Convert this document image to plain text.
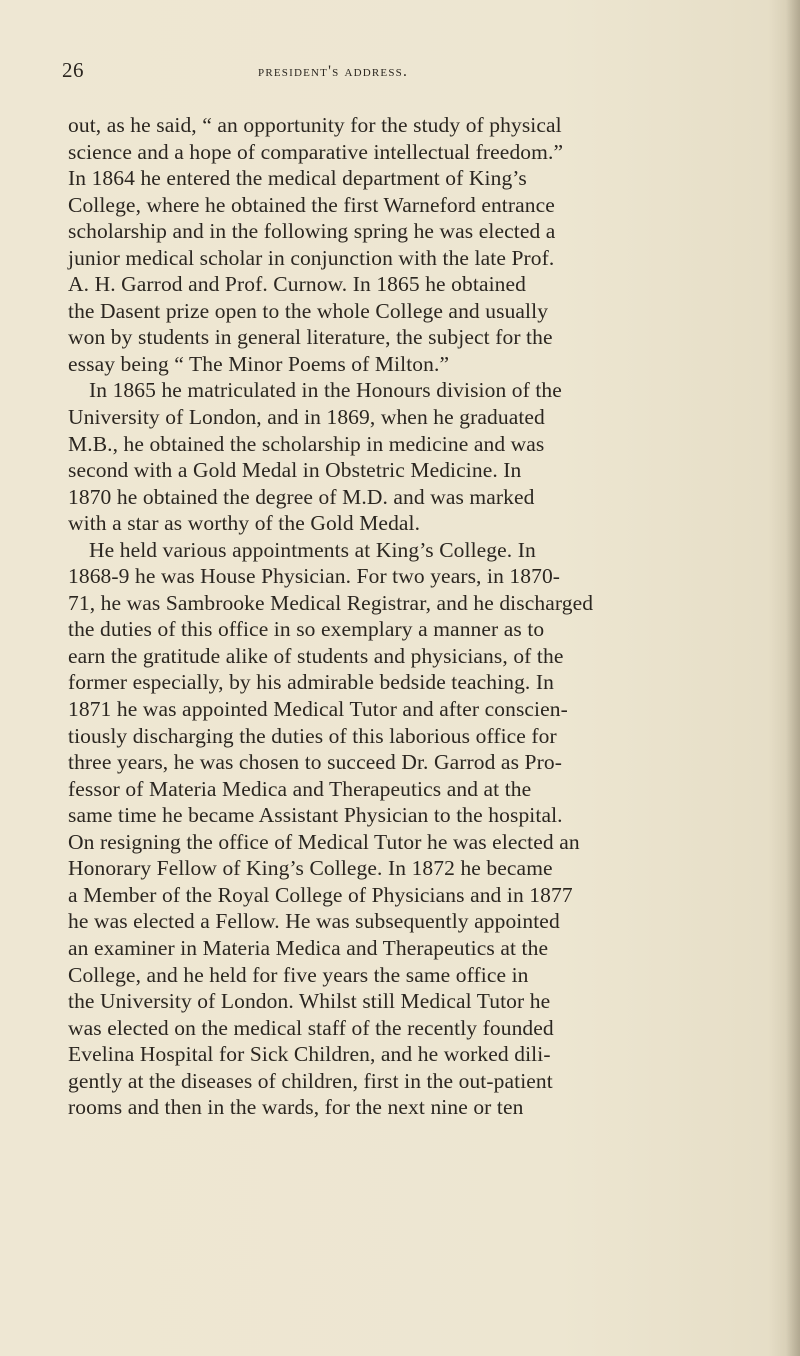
26	president's address.
out, as he said, “ an opportunity for the study of physical
science and a hope of comparative intellectual freedom.”
In 1864 he entered the medical department of King’s
College, where he obtained the first Warneford entrance
scholarship and in the following spring he was elected a
junior medical scholar in conjunction with the late Prof.
A. H. Garrod and Prof. Curnow. In 1865 he obtained
the Dasent prize open to the whole College and usually
won by students in general literature, the subject for the
essay being “ The Minor Poems of Milton.”
In 1865 he matriculated in the Honours division of the
University of London, and in 1869, when he graduated
M.B., he obtained the scholarship in medicine and was
second with a Gold Medal in Obstetric Medicine. In
1870 he obtained the degree of M.D. and was marked
with a star as worthy of the Gold Medal.
He held various appointments at King’s College. In
1868-9 he was House Physician. For two years, in 1870-
71, he was Sambrooke Medical Registrar, and he discharged
the duties of this office in so exemplary a manner as to
earn the gratitude alike of students and physicians, of the
former especially, by his admirable bedside teaching. In
1871 he was appointed Medical Tutor and after conscien-
tiously discharging the duties of this laborious office for
three years, he was chosen to succeed Dr. Garrod as Pro-
fessor of Materia Medica and Therapeutics and at the
same time he became Assistant Physician to the hospital.
On resigning the office of Medical Tutor he was elected an
Honorary Fellow of King’s College. In 1872 he became
a Member of the Royal College of Physicians and in 1877
he was elected a Fellow. He was subsequently appointed
an examiner in Materia Medica and Therapeutics at the
College, and he held for five years the same office in
the University of London. Whilst still Medical Tutor he
was elected on the medical staff of the recently founded
Evelina Hospital for Sick Children, and he worked dili-
gently at the diseases of children, first in the out-patient
rooms and then in the wards, for the next nine or ten
